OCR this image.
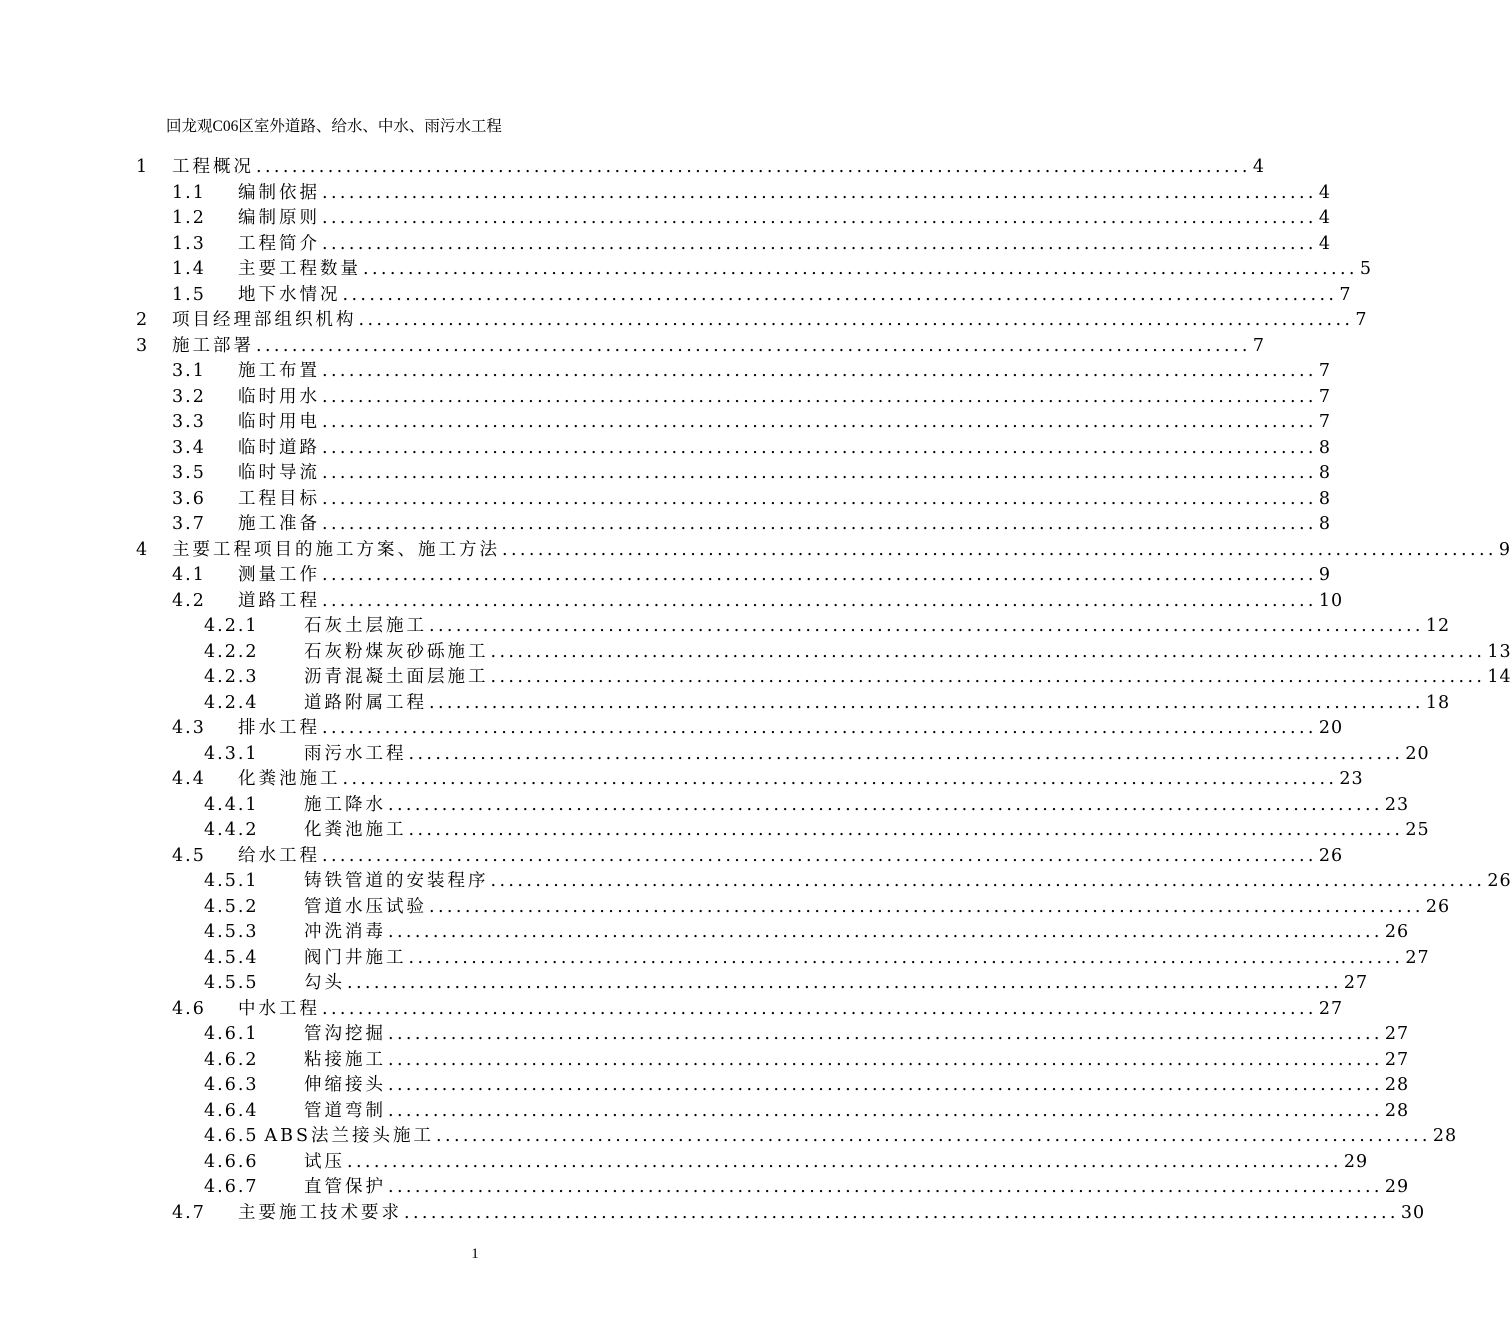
回龙观C06区室外道路、给水、中水、雨污水工程
1	工程概况 ............................................................................................................... 4
1.1	编制依据 ............................................................................................................... 4
1.2	编制原则 ............................................................................................................... 4
1.3	工程简介 ............................................................................................................... 4
1.4	主要工程数量 ............................................................................................................... 5
1.5	地下水情况 ............................................................................................................... 7
2	项目经理部组织机构 ............................................................................................................... 7
3	施工部署 ............................................................................................................... 7
3.1	施工布置 ............................................................................................................... 7
3.2	临时用水 ............................................................................................................... 7
3.3	临时用电 ............................................................................................................... 7
3.4	临时道路 ............................................................................................................... 8
3.5	临时导流 ............................................................................................................... 8
3.6	工程目标 ............................................................................................................... 8
3.7	施工准备 ............................................................................................................... 8
4	主要工程项目的施工方案、施工方法 ............................................................................................................... 9
4.1	测量工作 ............................................................................................................... 9
4.2	道路工程 ............................................................................................................... 10
4.2.1	石灰土层施工 ............................................................................................................... 12
4.2.2	石灰粉煤灰砂砾施工 ............................................................................................................... 13
4.2.3	沥青混凝土面层施工 ............................................................................................................... 14
4.2.4	道路附属工程 ............................................................................................................... 18
4.3	排水工程 ............................................................................................................... 20
4.3.1	雨污水工程 ............................................................................................................... 20
4.4	化粪池施工 ............................................................................................................... 23
4.4.1	施工降水 ............................................................................................................... 23
4.4.2	化粪池施工 ............................................................................................................... 25
4.5	给水工程 ............................................................................................................... 26
4.5.1	铸铁管道的安装程序 ............................................................................................................... 26
4.5.2	管道水压试验 ............................................................................................................... 26
4.5.3	冲洗消毒 ............................................................................................................... 26
4.5.4	阀门井施工 ............................................................................................................... 27
4.5.5	勾头 ............................................................................................................... 27
4.6	中水工程 ............................................................................................................... 27
4.6.1	管沟挖掘 ............................................................................................................... 27
4.6.2	粘接施工 ............................................................................................................... 27
4.6.3	伸缩接头 ............................................................................................................... 28
4.6.4	管道弯制 ............................................................................................................... 28
4.6.5 ABS法兰接头施工 ............................................................................................................... 28
4.6.6	试压 ............................................................................................................... 29
4.6.7	直管保护 ............................................................................................................... 29
4.7	主要施工技术要求 ............................................................................................................... 30
1
